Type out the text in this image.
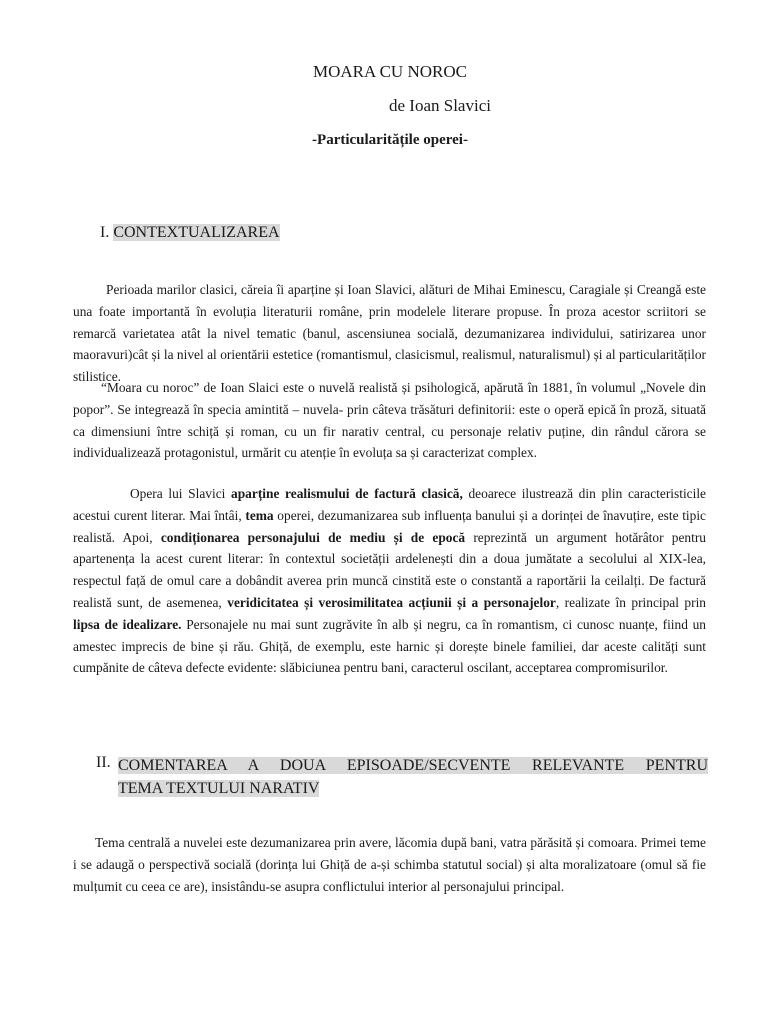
MOARA CU NOROC
de Ioan Slavici
-Particularitățile operei-
I. CONTEXTUALIZAREA

Perioada marilor clasici, căreia îi aparține și Ioan Slavici, alături de Mihai Eminescu, Caragiale și Creangă este una foate importantă în evoluția literaturii române, prin modelele literare propuse. În proza acestor scriitori se remarcă varietatea atât la nivel tematic (banul, ascensiunea socială, dezumanizarea individului, satirizarea unor maoravuri)cât și la nivel al orientării estetice (romantismul, clasicismul, realismul, naturalismul) și al particularităților stilistice.

“Moara cu noroc” de Ioan Slaici este o nuvelă realistă și psihologică, apărută în 1881, în volumul „Novele din popor”. Se integrează în specia amintită – nuvela- prin câteva trăsături definitorii: este o operă epică în proză, situată ca dimensiuni între schiță și roman, cu un fir narativ central, cu personaje relativ puține, din rândul cărora se individualizează protagonistul, urmărit cu atenție în evoluța sa și caracterizat complex.

Opera lui Slavici aparține realismului de factură clasică, deoarece ilustrează din plin caracteristicile acestui curent literar. Mai întâi, tema operei, dezumanizarea sub influența banului și a dorinței de înavuțire, este tipic realistă. Apoi, condiționarea personajului de mediu și de epocă reprezintă un argument hotărâtor pentru apartenența la acest curent literar: în contextul societății ardelenești din a doua jumătate a secolului al XIX-lea, respectul față de omul care a dobândit averea prin muncă cinstită este o constantă a raportării la ceilalți. De factură realistă sunt, de asemenea, veridicitatea și verosimilitatea acțiunii și a personajelor, realizate în principal prin lipsa de idealizare. Personajele nu mai sunt zugrăvite în alb și negru, ca în romantism, ci cunosc nuanțe, fiind un amestec imprecis de bine și rău. Ghiță, de exemplu, este harnic și dorește binele familiei, dar aceste calități sunt cumpănite de câteva defecte evidente: slăbiciunea pentru bani, caracterul oscilant, acceptarea compromisurilor.

II. COMENTAREA A DOUA EPISOADE/SECVENTE RELEVANTE PENTRU
TEMA TEXTULUI NARATIV

Tema centrală a nuvelei este dezumanizarea prin avere, lăcomia după bani, vatra părăsită și comoara. Primei teme i se adaugă o perspectivă socială (dorința lui Ghiță de a-și schimba statutul social) și alta moralizatoare (omul să fie mulțumit cu ceea ce are), insistându-se asupra conflictului interior al personajului principal.
